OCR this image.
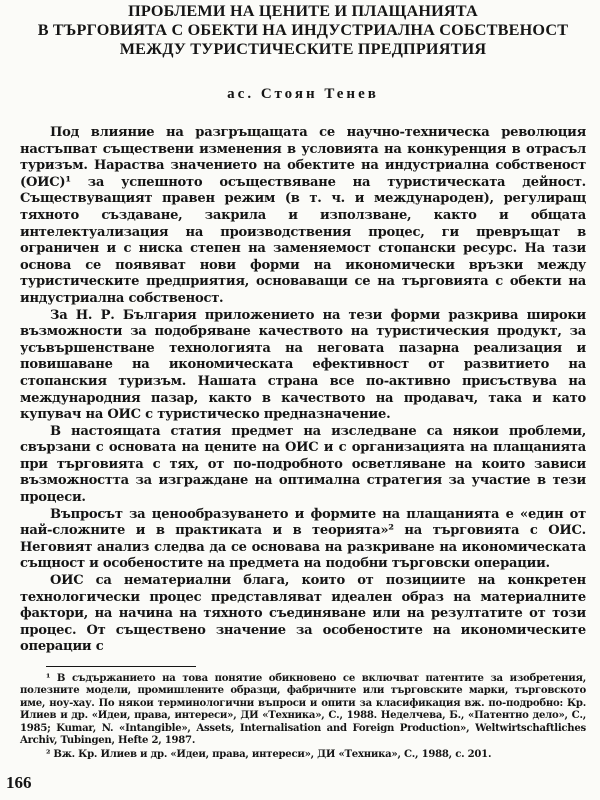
ПРОБЛЕМИ НА ЦЕНИТЕ И ПЛАЩАНИЯТА
В ТЪРГОВИЯТА С ОБЕКТИ НА ИНДУСТРИАЛНА СОБСТВЕНОСТ
МЕЖДУ ТУРИСТИЧЕСКИТЕ ПРЕДПРИЯТИЯ
ас. Стоян Тенев

Под влияние на разгръщащата се научно-техническа революция настъпват съществени изменения в условията на конкуренция в отрасъл туризъм. Нараства значението на обектите на индустриална собственост (ОИС)¹ за успешното осъществяване на туристическата дейност. Съществуващият правен режим (в т. ч. и международен), регулиращ тяхното създаване, закрила и използване, както и общата интелектуализация на производствения процес, ги превръщат в ограничен и с ниска степен на заменяемост стопански ресурс. На тази основа се появяват нови форми на икономически връзки между туристическите предприятия, основаващи се на търговията с обекти на индустриална собственост.

За Н. Р. България приложението на тези форми разкрива широки възможности за подобряване качеството на туристическия продукт, за усъвършенстване технологията на неговата пазарна реализация и повишаване на икономическата ефективност от развитието на стопанския туризъм. Нашата страна все по-активно присъствува на международния пазар, както в качеството на продавач, така и като купувач на ОИС с туристическо предназначение.

В настоящата статия предмет на изследване са някои проблеми, свързани с основата на цените на ОИС и с организацията на плащанията при търговията с тях, от по-подробното осветляване на които зависи възможността за изграждане на оптимална стратегия за участие в тези процеси.

Въпросът за ценообразуването и формите на плащанията е «един от най-сложните и в практиката и в теорията»² на търговията с ОИС. Неговият анализ следва да се основава на разкриване на икономическата същност и особеностите на предмета на подобни търговски операции.

ОИС са нематериални блага, които от позициите на конкретен технологически процес представляват идеален образ на материалните фактори, на начина на тяхното съединяване или на резултатите от този процес. От съществено значение за особеностите на икономическите операции с

¹ В съдържанието на това понятие обикновено се включват патентите за изобретения, полезните модели, промишлените образци, фабричните или търговските марки, търговското име, ноу-хау. По някои терминологични въпроси и опити за класификация вж. по-подробно: Кр. Илиев и др. «Идеи, права, интереси», ДИ «Техника», С., 1988. Неделчева, Б., «Патентно дело», С., 1985; Kumar, N. «Intangible», Assets, Internalisation and Foreign Production», Weltwirtschaftliches Archiv, Tubingen, Hefte 2, 1987.

² Вж. Кр. Илиев и др. «Идеи, права, интереси», ДИ «Техника», С., 1988, с. 201.

166
